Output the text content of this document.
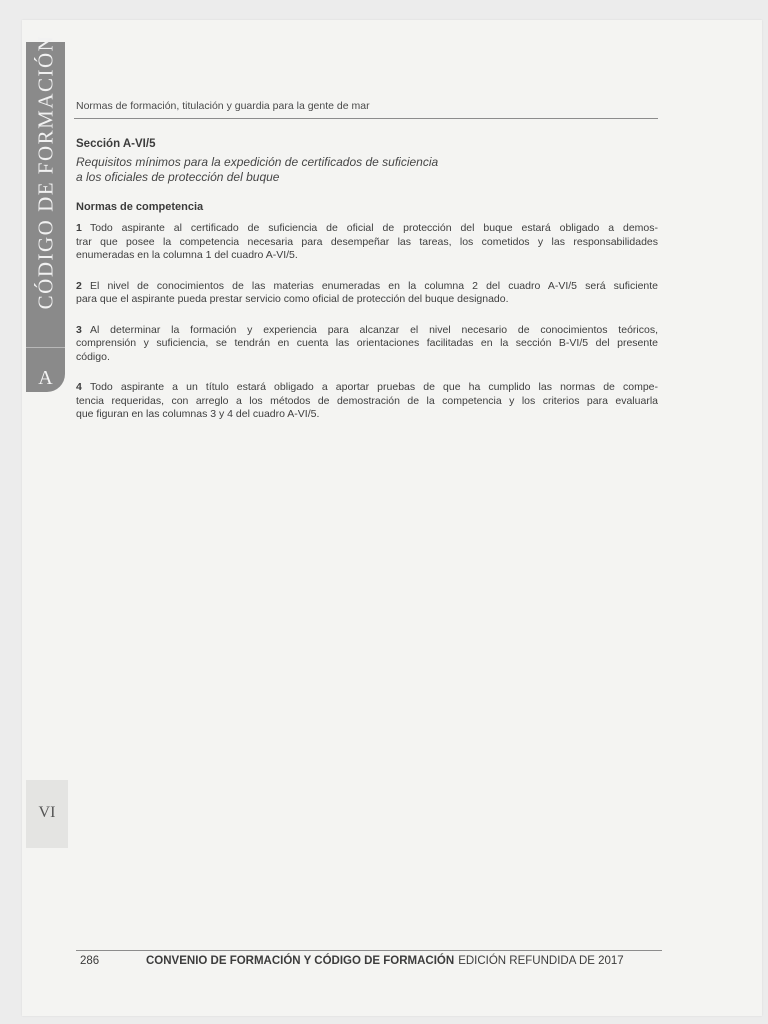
CÓDIGO DE FORMACIÓN
A
VI
Normas de formación, titulación y guardia para la gente de mar
Sección A-VI/5
Requisitos mínimos para la expedición de certificados de suficiencia
a los oficiales de protección del buque
Normas de competencia
1 Todo aspirante al certificado de suficiencia de oficial de protección del buque estará obligado a demos-
trar que posee la competencia necesaria para desempeñar las tareas, los cometidos y las responsabilidades
enumeradas en la columna 1 del cuadro A-VI/5.
2 El nivel de conocimientos de las materias enumeradas en la columna 2 del cuadro A-VI/5 será suficiente
para que el aspirante pueda prestar servicio como oficial de protección del buque designado.
3 Al determinar la formación y experiencia para alcanzar el nivel necesario de conocimientos teóricos,
comprensión y suficiencia, se tendrán en cuenta las orientaciones facilitadas en la sección B-VI/5 del presente
código.
4 Todo aspirante a un título estará obligado a aportar pruebas de que ha cumplido las normas de compe-
tencia requeridas, con arreglo a los métodos de demostración de la competencia y los criterios para evaluarla
que figuran en las columnas 3 y 4 del cuadro A-VI/5.
286	CONVENIO DE FORMACIÓN Y CÓDIGO DE FORMACIÓN EDICIÓN REFUNDIDA DE 2017
